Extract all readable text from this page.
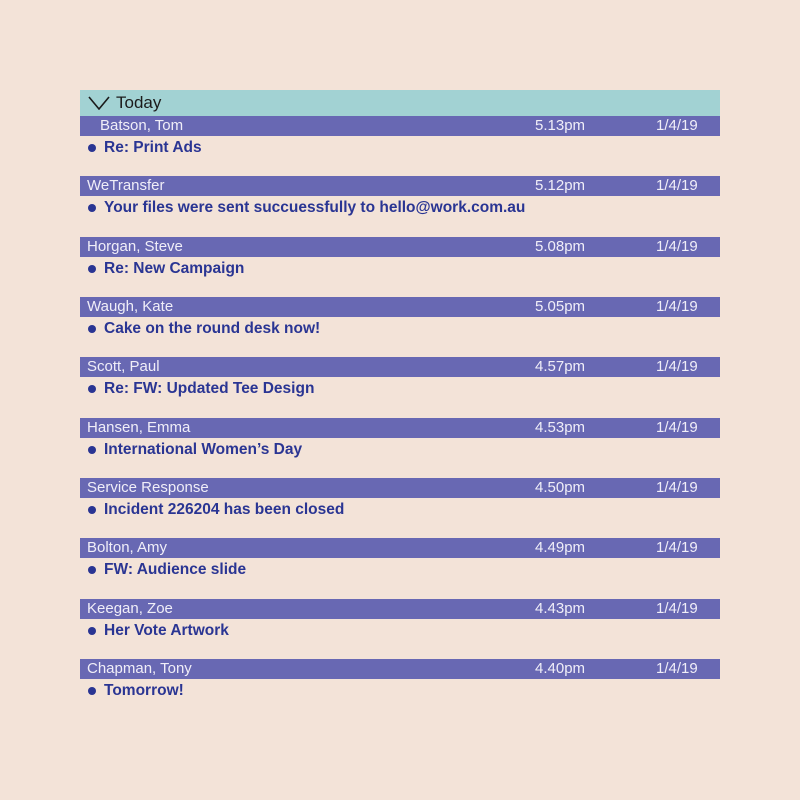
Today
Batson, Tom	5.13pm	1/4/19
Re: Print Ads
WeTransfer	5.12pm	1/4/19
Your files were sent succuessfully to hello@work.com.au
Horgan, Steve	5.08pm	1/4/19
Re: New Campaign
Waugh, Kate	5.05pm	1/4/19
Cake on the round desk now!
Scott, Paul	4.57pm	1/4/19
Re: FW: Updated Tee Design
Hansen, Emma	4.53pm	1/4/19
International Women’s Day
Service Response	4.50pm	1/4/19
Incident 226204 has been closed
Bolton, Amy	4.49pm	1/4/19
FW: Audience slide
Keegan, Zoe	4.43pm	1/4/19
Her Vote Artwork
Chapman, Tony	4.40pm	1/4/19
Tomorrow!
